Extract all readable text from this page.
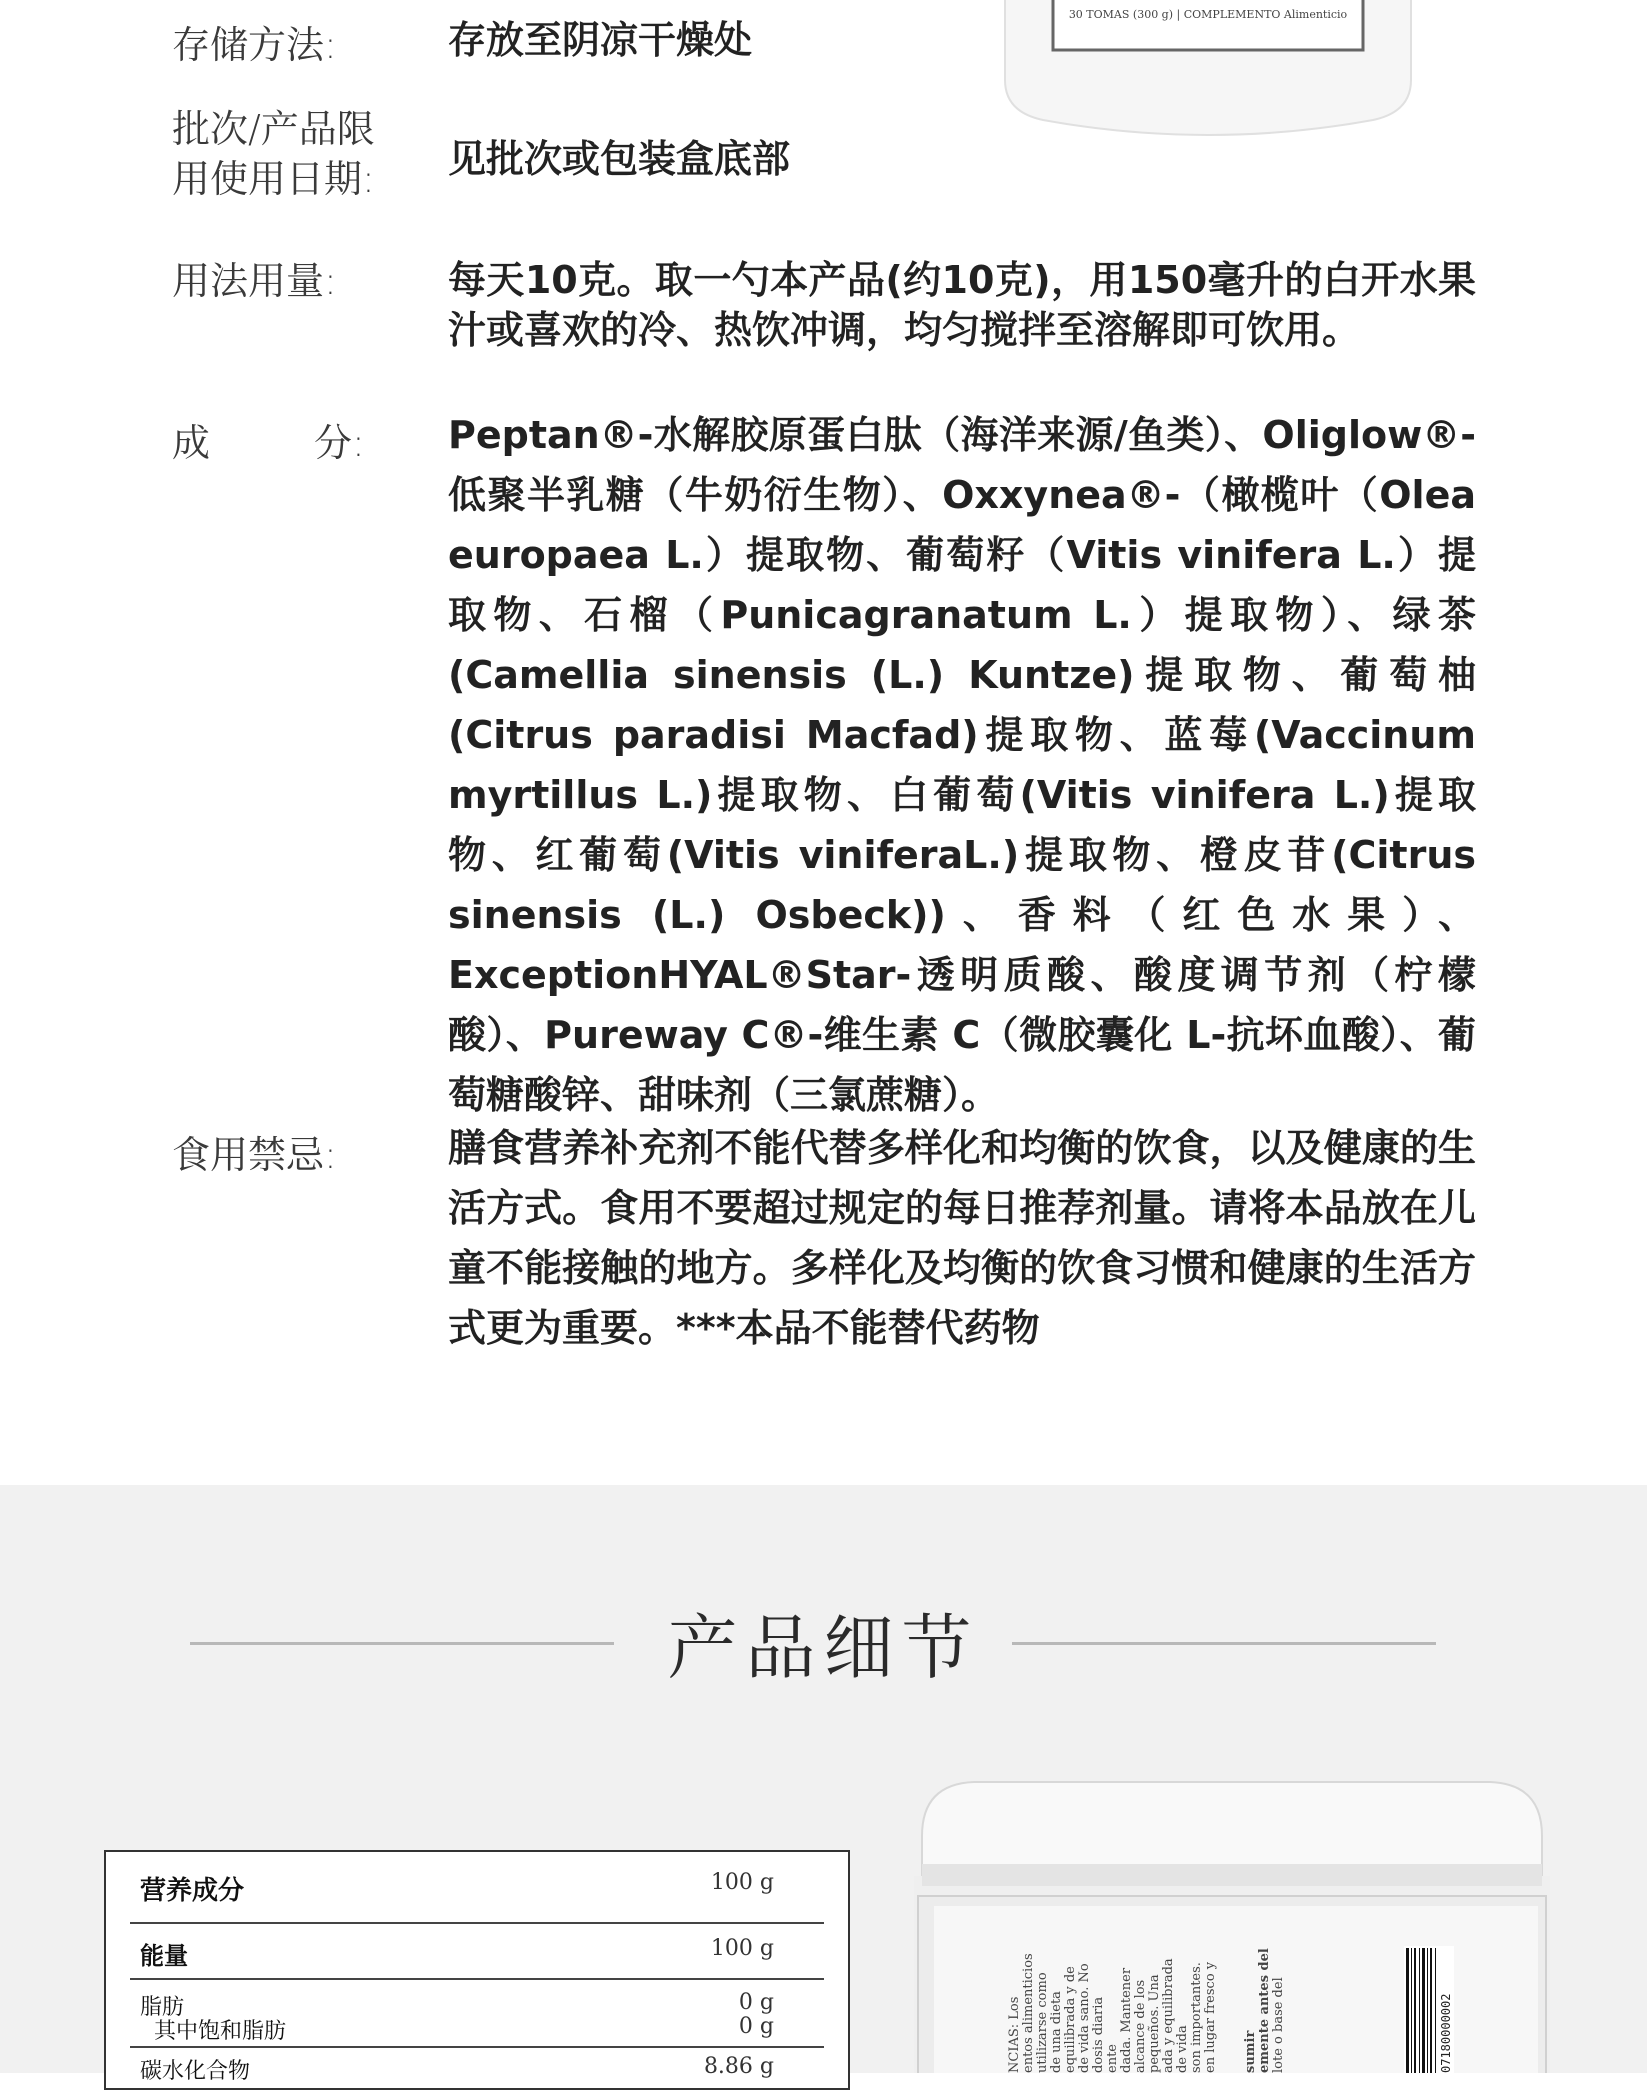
30 TOMAS (300 g) | COMPLEMENTO Alimenticio
存储方法:	存放至阴凉干燥处
批次/产品限
用使用日期: 见批次或包装盒底部
用法用量:	每天10克。取一勺本产品(约10克)，用150毫升的白开水果汁或喜欢的冷、热饮冲调，均匀搅拌至溶解即可饮用。
成	分: Peptan®-水解胶原蛋白肽（海洋来源/鱼类）、Oliglow®-低聚半乳糖（牛奶衍生物）、Oxxynea®-（橄榄叶（Olea europaea L.）提取物、葡萄籽（Vitis vinifera L.）提取物、石榴（Punicagranatum L.）提取物）、绿茶(Camellia sinensis (L.) Kuntze)提取物、葡萄柚(Citrus paradisi Macfad)提取物、蓝莓(Vaccinum myrtillus L.)提取物、白葡萄(Vitis vinifera L.)提取物、红葡萄(Vitis viniferaL.)提取物、橙皮苷(Citrus sinensis (L.) Osbeck))、香料（红色水果）、ExceptionHYAL®Star-透明质酸、酸度调节剂（柠檬酸）、Pureway C®-维生素 C（微胶囊化 L-抗坏血酸）、葡萄糖酸锌、甜味剂（三氯蔗糖）。
食用禁忌:	膳食营养补充剂不能代替多样化和均衡的饮食，以及健康的生活方式。食用不要超过规定的每日推荐剂量。请将本品放在儿童不能接触的地方。多样化及均衡的饮食习惯和健康的生活方式更为重要。***本品不能替代药物
产品细节
营养成分	100 g
能量	100 g
脂肪	0 g
其中饱和脂肪	0 g
碳水化合物	8.86 g	NCIAS: Los entos alimenticios utilizarse como de una dieta equilibrada y de de vida sano. No dosis diaria ente dada. Mantener alcance de los pequeños. Una ada y equilibrada de vida son importantes. en lugar fresco y sumir emente antes del lote o base del	07180000002
